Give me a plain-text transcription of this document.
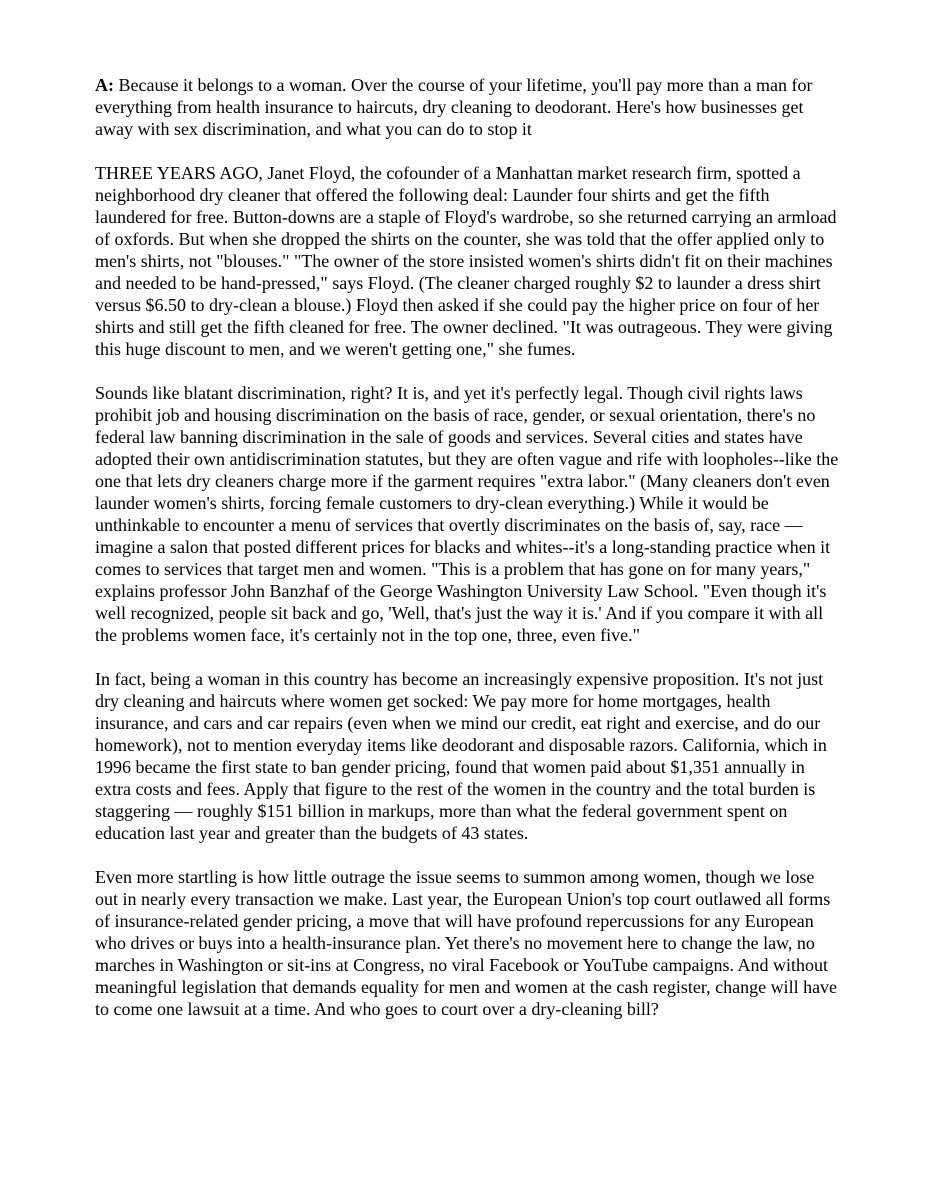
A: Because it belongs to a woman. Over the course of your lifetime, you'll pay more than a man for everything from health insurance to haircuts, dry cleaning to deodorant. Here's how businesses get away with sex discrimination, and what you can do to stop it

THREE YEARS AGO, Janet Floyd, the cofounder of a Manhattan market research firm, spotted a neighborhood dry cleaner that offered the following deal: Launder four shirts and get the fifth laundered for free. Button-downs are a staple of Floyd's wardrobe, so she returned carrying an armload of oxfords. But when she dropped the shirts on the counter, she was told that the offer applied only to men's shirts, not "blouses." "The owner of the store insisted women's shirts didn't fit on their machines and needed to be hand-pressed," says Floyd. (The cleaner charged roughly $2 to launder a dress shirt versus $6.50 to dry-clean a blouse.) Floyd then asked if she could pay the higher price on four of her shirts and still get the fifth cleaned for free. The owner declined. "It was outrageous. They were giving this huge discount to men, and we weren't getting one," she fumes.

Sounds like blatant discrimination, right? It is, and yet it's perfectly legal. Though civil rights laws prohibit job and housing discrimination on the basis of race, gender, or sexual orientation, there's no federal law banning discrimination in the sale of goods and services. Several cities and states have adopted their own antidiscrimination statutes, but they are often vague and rife with loopholes--like the one that lets dry cleaners charge more if the garment requires "extra labor." (Many cleaners don't even launder women's shirts, forcing female customers to dry-clean everything.) While it would be unthinkable to encounter a menu of services that overtly discriminates on the basis of, say, race — imagine a salon that posted different prices for blacks and whites--it's a long-standing practice when it comes to services that target men and women. "This is a problem that has gone on for many years," explains professor John Banzhaf of the George Washington University Law School. "Even though it's well recognized, people sit back and go, 'Well, that's just the way it is.' And if you compare it with all the problems women face, it's certainly not in the top one, three, even five."

In fact, being a woman in this country has become an increasingly expensive proposition. It's not just dry cleaning and haircuts where women get socked: We pay more for home mortgages, health insurance, and cars and car repairs (even when we mind our credit, eat right and exercise, and do our homework), not to mention everyday items like deodorant and disposable razors. California, which in 1996 became the first state to ban gender pricing, found that women paid about $1,351 annually in extra costs and fees. Apply that figure to the rest of the women in the country and the total burden is staggering — roughly $151 billion in markups, more than what the federal government spent on education last year and greater than the budgets of 43 states.

Even more startling is how little outrage the issue seems to summon among women, though we lose out in nearly every transaction we make. Last year, the European Union's top court outlawed all forms of insurance-related gender pricing, a move that will have profound repercussions for any European who drives or buys into a health-insurance plan. Yet there's no movement here to change the law, no marches in Washington or sit-ins at Congress, no viral Facebook or YouTube campaigns. And without meaningful legislation that demands equality for men and women at the cash register, change will have to come one lawsuit at a time. And who goes to court over a dry-cleaning bill?
